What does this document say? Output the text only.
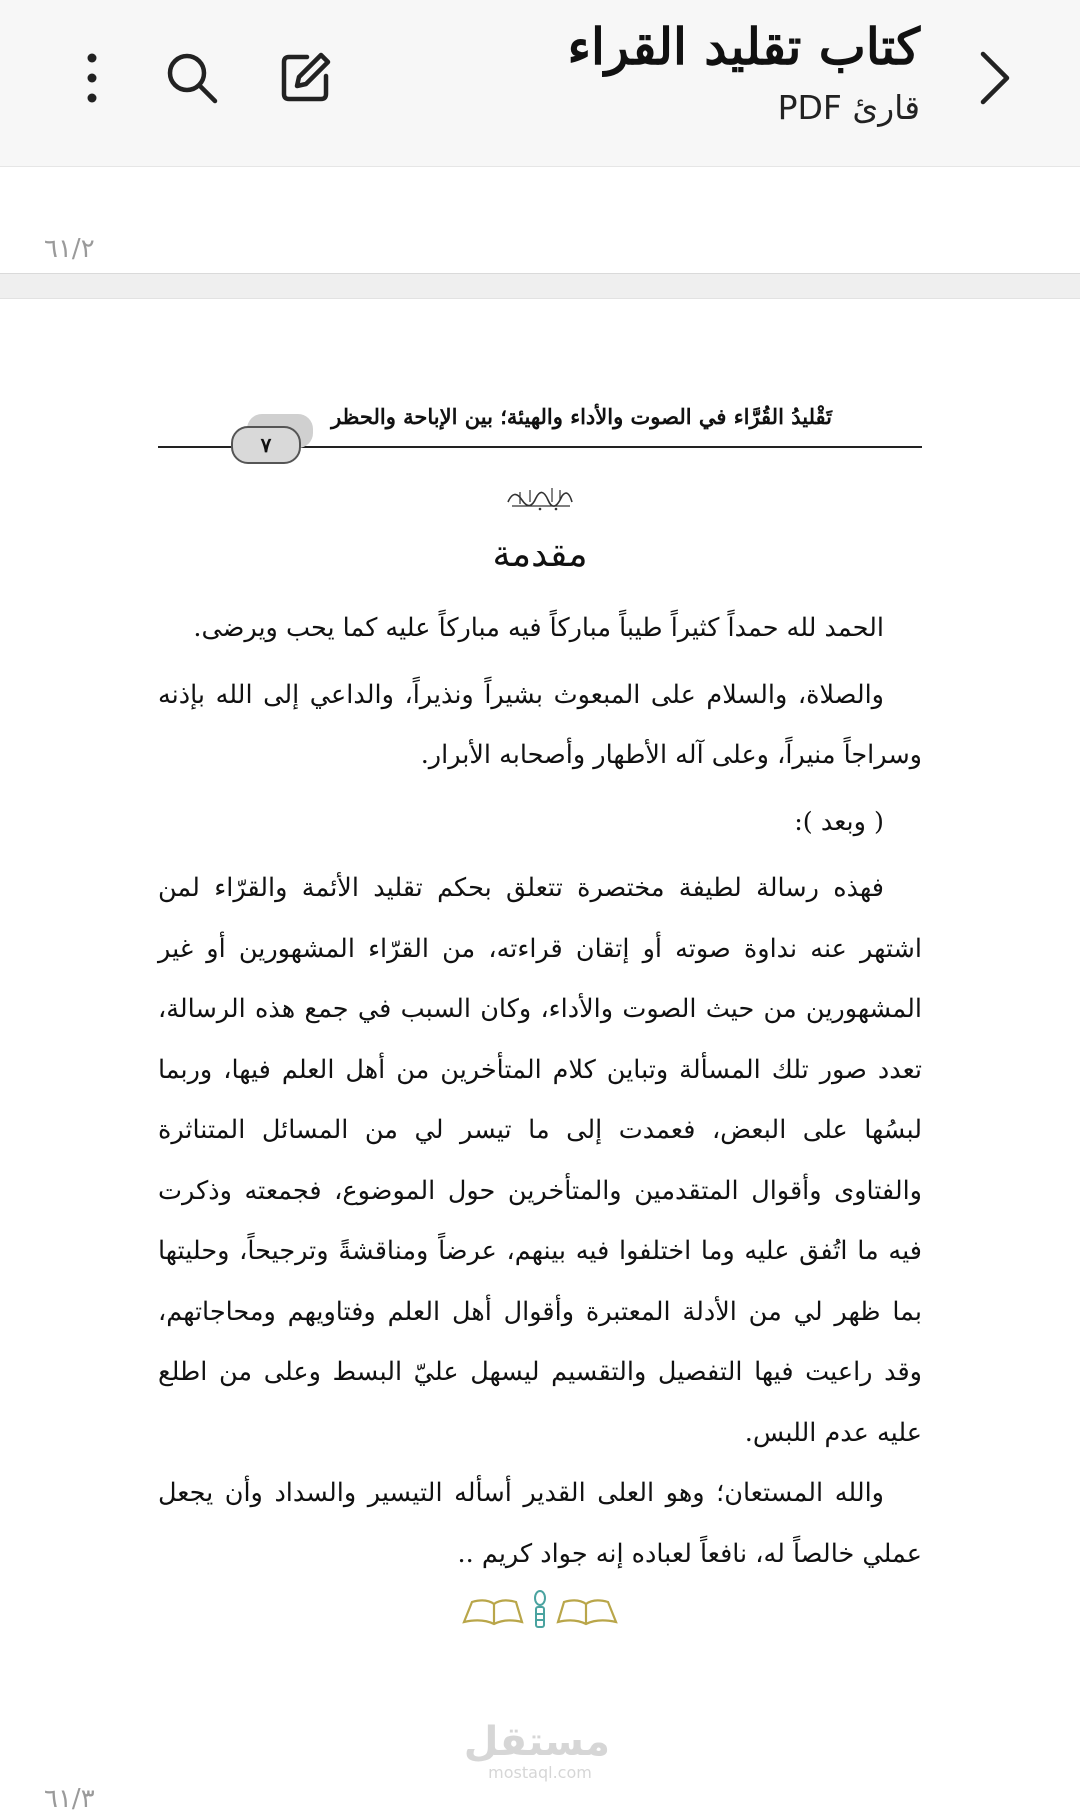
كتاب تقليد القراء
قارئ PDF
٦١/٢
تَقْليدُ القُرَّاء في الصوت والأداء والهيئة؛ بين الإباحة والحظر
٧
مقدمة

الحمد لله حمداً كثيراً طيباً مباركاً فيه مباركاً عليه كما يحب ويرضى.

والصلاة، والسلام على المبعوث بشيراً ونذيراً، والداعي إلى الله بإذنه وسراجاً منيراً، وعلى آله الأطهار وأصحابه الأبرار.

( وبعد ):

فهذه رسالة لطيفة مختصرة تتعلق بحكم تقليد الأئمة والقرّاء لمن اشتهر عنه نداوة صوته أو إتقان قراءته، من القرّاء المشهورين أو غير المشهورين من حيث الصوت والأداء، وكان السبب في جمع هذه الرسالة، تعدد صور تلك المسألة وتباين كلام المتأخرين من أهل العلم فيها، وربما لبسُها على البعض، فعمدت إلى ما تيسر لي من المسائل المتناثرة والفتاوى وأقوال المتقدمين والمتأخرين حول الموضوع، فجمعته وذكرت فيه ما اتُفق عليه وما اختلفوا فيه بينهم، عرضاً ومناقشةً وترجيحاً، وحليتها بما ظهر لي من الأدلة المعتبرة وأقوال أهل العلم وفتاويهم ومحاجاتهم، وقد راعيت فيها التفصيل والتقسيم ليسهل عليّ البسط وعلى من اطلع عليه عدم اللبس.

والله المستعان؛ وهو العلى القدير أسأله التيسير والسداد وأن يجعل عملي خالصاً له، نافعاً لعباده إنه جواد كريم ..

مستقل
mostaql.com
٦١/٣
